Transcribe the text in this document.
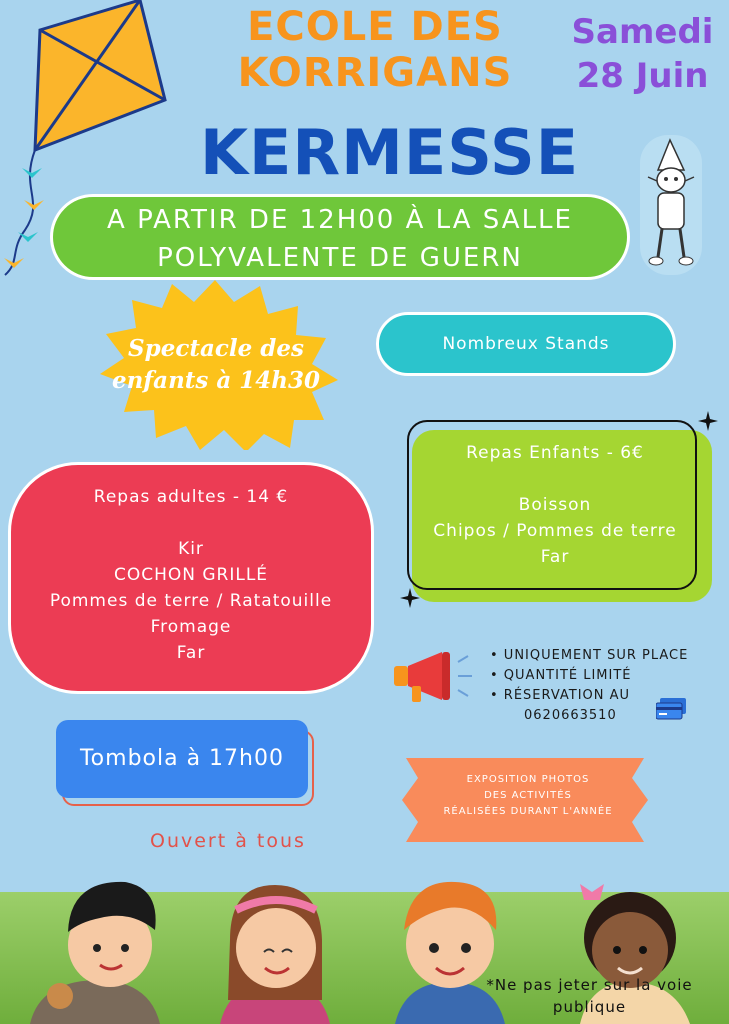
ECOLE DES
KORRIGANS
KERMESSE
Samedi
28 Juin
A PARTIR DE 12H00 À LA SALLE
POLYVALENTE DE GUERN
Spectacle des
enfants à 14h30
Nombreux Stands
Repas Enfants - 6€
Boisson
Chipos / Pommes de terre
Far
Repas adultes - 14 €
Kir
COCHON GRILLÉ
Pommes de terre / Ratatouille
Fromage
Far	• UNIQUEMENT SUR PLACE
• QUANTITÉ LIMITÉ
• RÉSERVATION AU
0620663510
Tombola à 17h00
EXPOSITION PHOTOS
DES ACTIVITÉS
RÉALISÉES DURANT L'ANNÉE
Ouvert à tous
*Ne pas jeter sur la voie
publique
